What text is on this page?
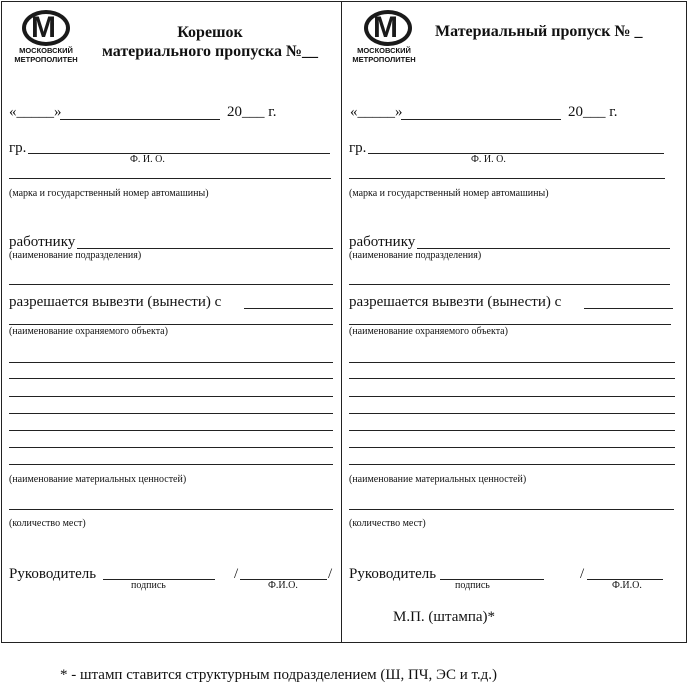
M
МОСКОВСКИЙ
МЕТРОПОЛИТЕН
Корешок
материального пропуска №__
«_____»	20___ г.
гр.
Ф. И. О.
(марка и государственный номер автомашины)
работнику
(наименование подразделения)
разрешается вывезти (вынести) с
(наименование охраняемого объекта)
(наименование материальных ценностей)
(количество мест)
Руководитель
подпись
/	/
Ф.И.О.
M
МОСКОВСКИЙ
МЕТРОПОЛИТЕН
Материальный пропуск № _
«_____»	20___ г.
гр.
Ф. И. О.
(марка и государственный номер автомашины)
работнику
(наименование подразделения)
разрешается вывезти (вынести) с
(наименование охраняемого объекта)
(наименование материальных ценностей)
(количество мест)
Руководитель
подпись
/
Ф.И.О.
М.П. (штампа)*
* - штамп ставится структурным подразделением (Ш, ПЧ, ЭС и т.д.)
